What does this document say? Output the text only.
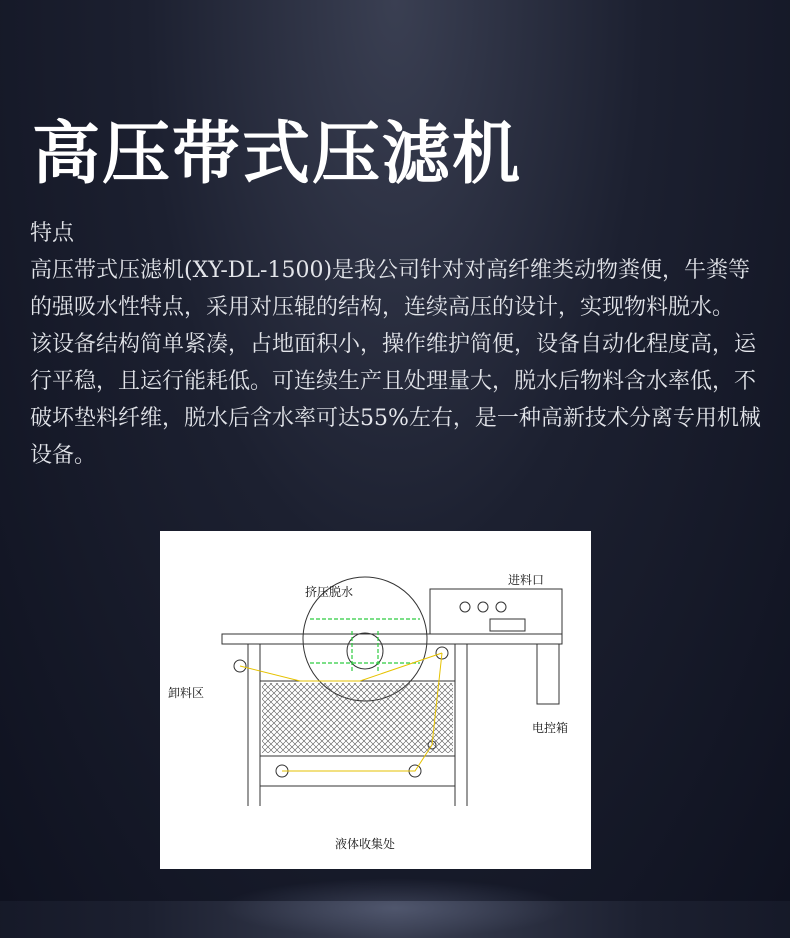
高压带式压滤机

特点

高压带式压滤机(XY-DL-1500)是我公司针对对高纤维类动物粪便，牛粪等的强吸水性特点，采用对压辊的结构，连续高压的设计，实现物料脱水。

该设备结构简单紧凑，占地面积小，操作维护简便，设备自动化程度高，运行平稳，且运行能耗低。可连续生产且处理量大，脱水后物料含水率低，不破坏垫料纤维，脱水后含水率可达55%左右，是一种高新技术分离专用机械设备。

挤压脱水
进料口
卸料区
电控箱
液体收集处
